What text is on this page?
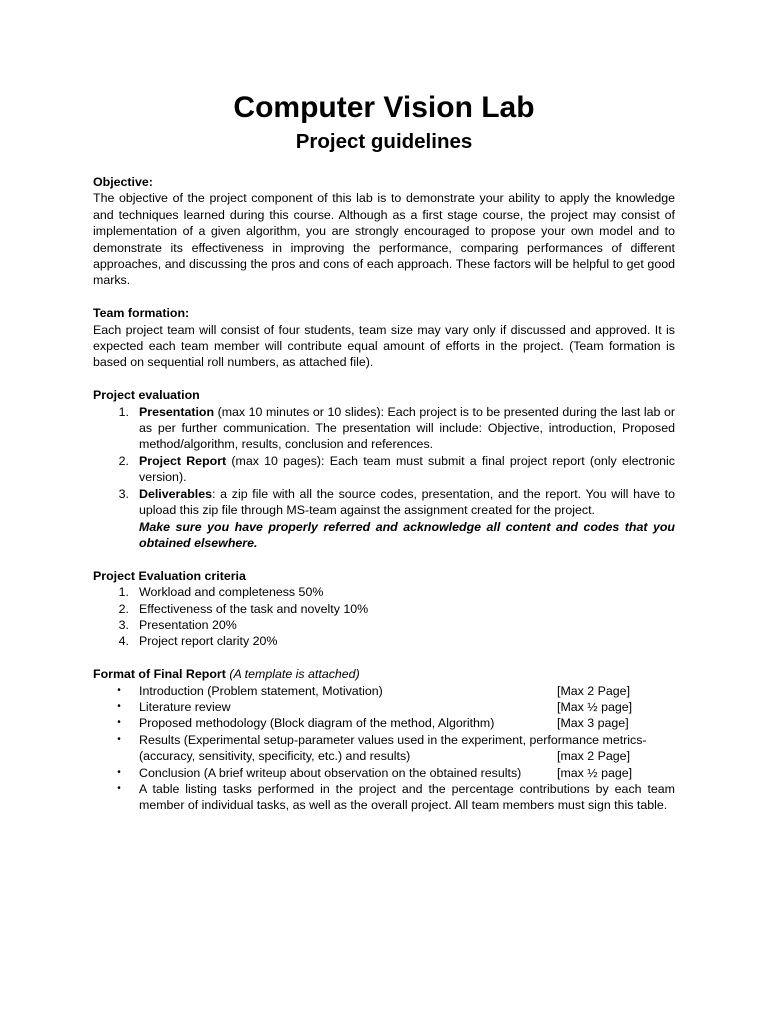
Computer Vision Lab
Project guidelines

Objective:

The objective of the project component of this lab is to demonstrate your ability to apply the knowledge and techniques learned during this course. Although as a first stage course, the project may consist of implementation of a given algorithm, you are strongly encouraged to propose your own model and to demonstrate its effectiveness in improving the performance, comparing performances of different approaches, and discussing the pros and cons of each approach. These factors will be helpful to get good marks.

Team formation:

Each project team will consist of four students, team size may vary only if discussed and approved. It is expected each team member will contribute equal amount of efforts in the project. (Team formation is based on sequential roll numbers, as attached file).

Project evaluation

1. Presentation (max 10 minutes or 10 slides): Each project is to be presented during the last lab or as per further communication. The presentation will include: Objective, introduction, Proposed method/algorithm, results, conclusion and references.
2. Project Report (max 10 pages): Each team must submit a final project report (only electronic version).
3. Deliverables: a zip file with all the source codes, presentation, and the report. You will have to upload this zip file through MS-team against the assignment created for the project.
Make sure you have properly referred and acknowledge all content and codes that you obtained elsewhere.

Project Evaluation criteria

1. Workload and completeness 50%
2. Effectiveness of the task and novelty 10%
3. Presentation 20%
4. Project report clarity 20%

Format of Final Report (A template is attached)

• Introduction (Problem statement, Motivation)	[Max 2 Page]
• Literature review	[Max ½ page]
• Proposed methodology (Block diagram of the method, Algorithm)	[Max 3 page]
• Results (Experimental setup-parameter values used in the experiment, performance metrics-
(accuracy, sensitivity, specificity, etc.) and results)	[max 2 Page]
• Conclusion (A brief writeup about observation on the obtained results)	[max ½ page]
• A table listing tasks performed in the project and the percentage contributions by each team member of individual tasks, as well as the overall project. All team members must sign this table.
